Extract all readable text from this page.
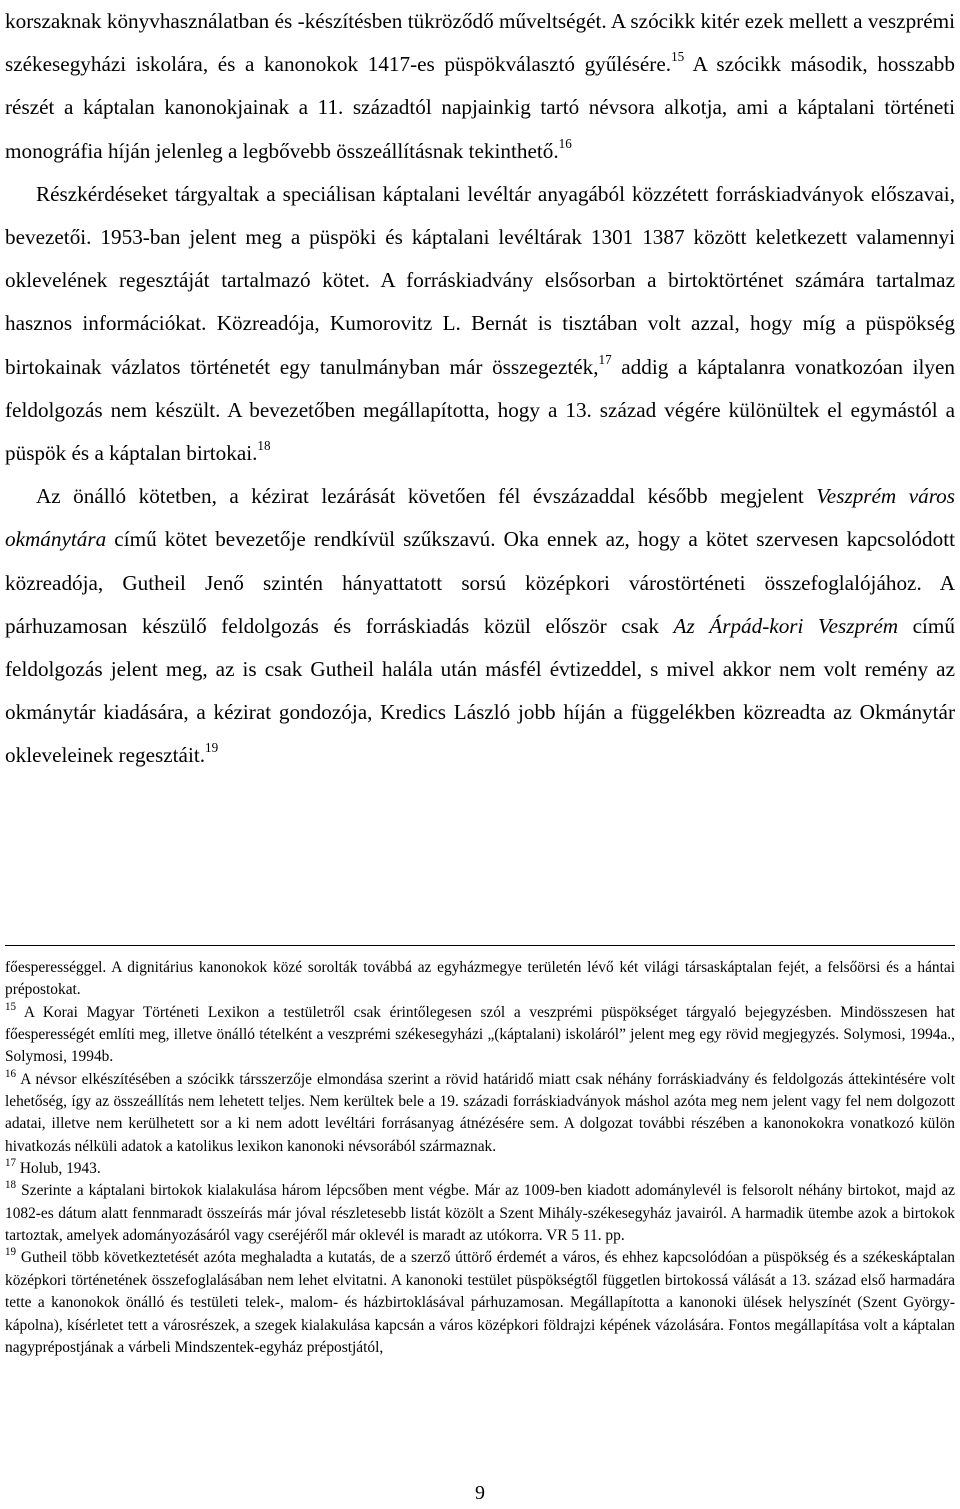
korszaknak könyvhasználatban és -készítésben tükröződő műveltségét. A szócikk kitér ezek mellett a veszprémi székesegyházi iskolára, és a kanonokok 1417-es püspökválasztó gyűlésére.$^{15}$ A szócikk második, hosszabb részét a káptalan kanonokjainak a 11. századtól napjainkig tartó névsora alkotja, ami a káptalani történeti monográfia híján jelenleg a legbővebb összeállításnak tekinthető.$^{16}$

Részkérdéseket tárgyaltak a speciálisan káptalani levéltár anyagából közzétett forráskiadványok előszavai, bevezetői. 1953-ban jelent meg a püspöki és káptalani levéltárak 1301 1387 között keletkezett valamennyi oklevelének regesztáját tartalmazó kötet. A forráskiadvány elsősorban a birtoktörténet számára tartalmaz hasznos információkat. Közreadója, Kumorovitz L. Bernát is tisztában volt azzal, hogy míg a püspökség birtokainak vázlatos történetét egy tanulmányban már összegezték,$^{17}$ addig a káptalanra vonatkozóan ilyen feldolgozás nem készült. A bevezetőben megállapította, hogy a 13. század végére különültek el egymástól a püspök és a káptalan birtokai.$^{18}$

Az önálló kötetben, a kézirat lezárását követően fél évszázaddal később megjelent Veszprém város okmánytára című kötet bevezetője rendkívül szűkszavú. Oka ennek az, hogy a kötet szervesen kapcsolódott közreadója, Gutheil Jenő szintén hányattatott sorsú középkori várostörténeti összefoglalójához. A párhuzamosan készülő feldolgozás és forráskiadás közül először csak Az Árpád-kori Veszprém című feldolgozás jelent meg, az is csak Gutheil halála után másfél évtizeddel, s mivel akkor nem volt remény az okmánytár kiadására, a kézirat gondozója, Kredics László jobb híján a függelékben közreadta az Okmánytár okleveleinek regesztáit.$^{19}$

főesperességgel. A dignitárius kanonokok közé sorolták továbbá az egyházmegye területén lévő két világi társaskáptalan fejét, a felsőörsi és a hántai prépostokat.

$^{15}$ A Korai Magyar Történeti Lexikon a testületről csak érintőlegesen szól a veszprémi püspökséget tárgyaló bejegyzésben. Mindösszesen hat főesperességét említi meg, illetve önálló tételként a veszprémi székesegyházi „(káptalani) iskoláról” jelent meg egy rövid megjegyzés. Solymosi, 1994a., Solymosi, 1994b.

$^{16}$ A névsor elkészítésében a szócikk társszerzője elmondása szerint a rövid határidő miatt csak néhány forráskiadvány és feldolgozás áttekintésére volt lehetőség, így az összeállítás nem lehetett teljes. Nem kerültek bele a 19. századi forráskiadványok máshol azóta meg nem jelent vagy fel nem dolgozott adatai, illetve nem kerülhetett sor a ki nem adott levéltári forrásanyag átnézésére sem. A dolgozat további részében a kanonokokra vonatkozó külön hivatkozás nélküli adatok a katolikus lexikon kanonoki névsorából származnak.

$^{17}$ Holub, 1943.

$^{18}$ Szerinte a káptalani birtokok kialakulása három lépcsőben ment végbe. Már az 1009-ben kiadott adománylevél is felsorolt néhány birtokot, majd az 1082-es dátum alatt fennmaradt összeírás már jóval részletesebb listát közölt a Szent Mihály-székesegyház javairól. A harmadik ütembe azok a birtokok tartoztak, amelyek adományozásáról vagy cseréjéről már oklevél is maradt az utókorra. VR 5 11. pp.

$^{19}$ Gutheil több következtetését azóta meghaladta a kutatás, de a szerző úttörő érdemét a város, és ehhez kapcsolódóan a püspökség és a székeskáptalan középkori történetének összefoglalásában nem lehet elvitatni. A kanonoki testület püspökségtől független birtokossá válását a 13. század első harmadára tette a kanonokok önálló és testületi telek-, malom- és házbirtoklásával párhuzamosan. Megállapította a kanonoki ülések helyszínét (Szent György-kápolna), kísérletet tett a városrészek, a szegek kialakulása kapcsán a város középkori földrajzi képének vázolására. Fontos megállapítása volt a káptalan nagyprépostjának a várbeli Mindszentek-egyház prépostjától,

9
